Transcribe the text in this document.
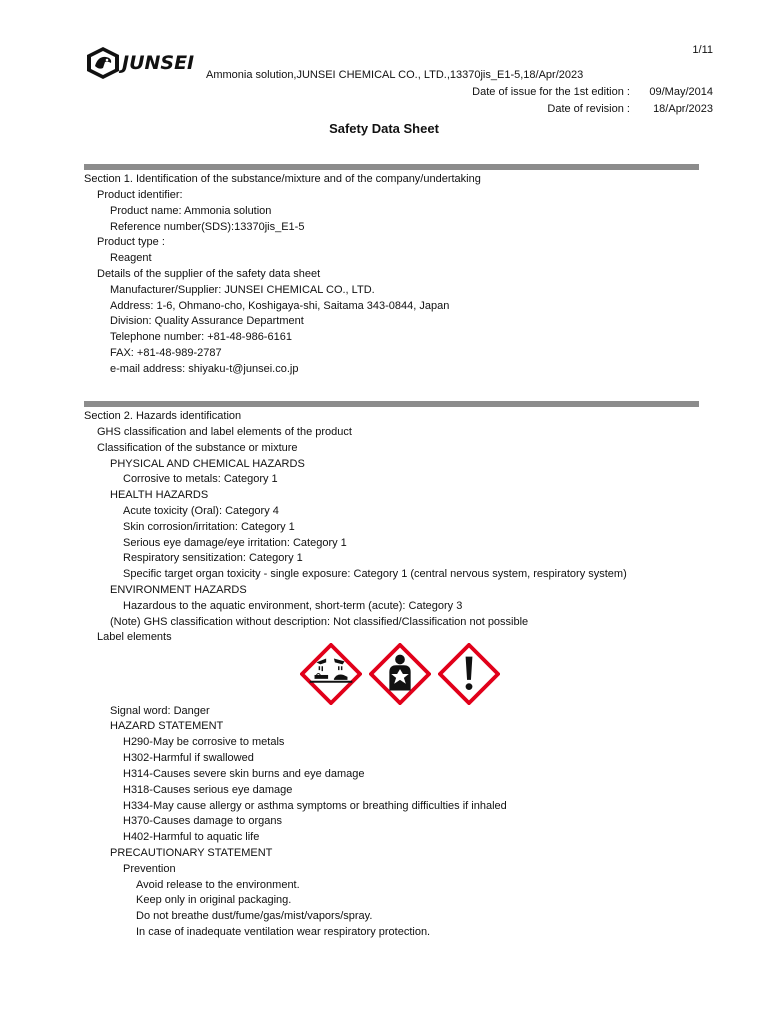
JUNSEI
1/11
Ammonia solution,JUNSEI CHEMICAL CO., LTD.,13370jis_E1-5,18/Apr/2023
Date of issue for the 1st edition : 09/May/2014
Date of revision : 18/Apr/2023
Safety Data Sheet
Section 1. Identification of the substance/mixture and of the company/undertaking
Product identifier:
Product name: Ammonia solution
Reference number(SDS):13370jis_E1-5
Product type :
Reagent
Details of the supplier of the safety data sheet
Manufacturer/Supplier: JUNSEI CHEMICAL CO., LTD.
Address: 1-6, Ohmano-cho, Koshigaya-shi, Saitama 343-0844, Japan
Division: Quality Assurance Department
Telephone number: +81-48-986-6161
FAX: +81-48-989-2787
e-mail address: shiyaku-t@junsei.co.jp
Section 2. Hazards identification
GHS classification and label elements of the product
Classification of the substance or mixture
PHYSICAL AND CHEMICAL HAZARDS
Corrosive to metals: Category 1
HEALTH HAZARDS
Acute toxicity (Oral): Category 4
Skin corrosion/irritation: Category 1
Serious eye damage/eye irritation: Category 1
Respiratory sensitization: Category 1
Specific target organ toxicity - single exposure: Category 1 (central nervous system, respiratory system)
ENVIRONMENT HAZARDS
Hazardous to the aquatic environment, short-term (acute): Category 3
(Note) GHS classification without description: Not classified/Classification not possible
Label elements
Signal word: Danger
HAZARD STATEMENT
H290-May be corrosive to metals
H302-Harmful if swallowed
H314-Causes severe skin burns and eye damage
H318-Causes serious eye damage
H334-May cause allergy or asthma symptoms or breathing difficulties if inhaled
H370-Causes damage to organs
H402-Harmful to aquatic life
PRECAUTIONARY STATEMENT
Prevention
Avoid release to the environment.
Keep only in original packaging.
Do not breathe dust/fume/gas/mist/vapors/spray.
In case of inadequate ventilation wear respiratory protection.
